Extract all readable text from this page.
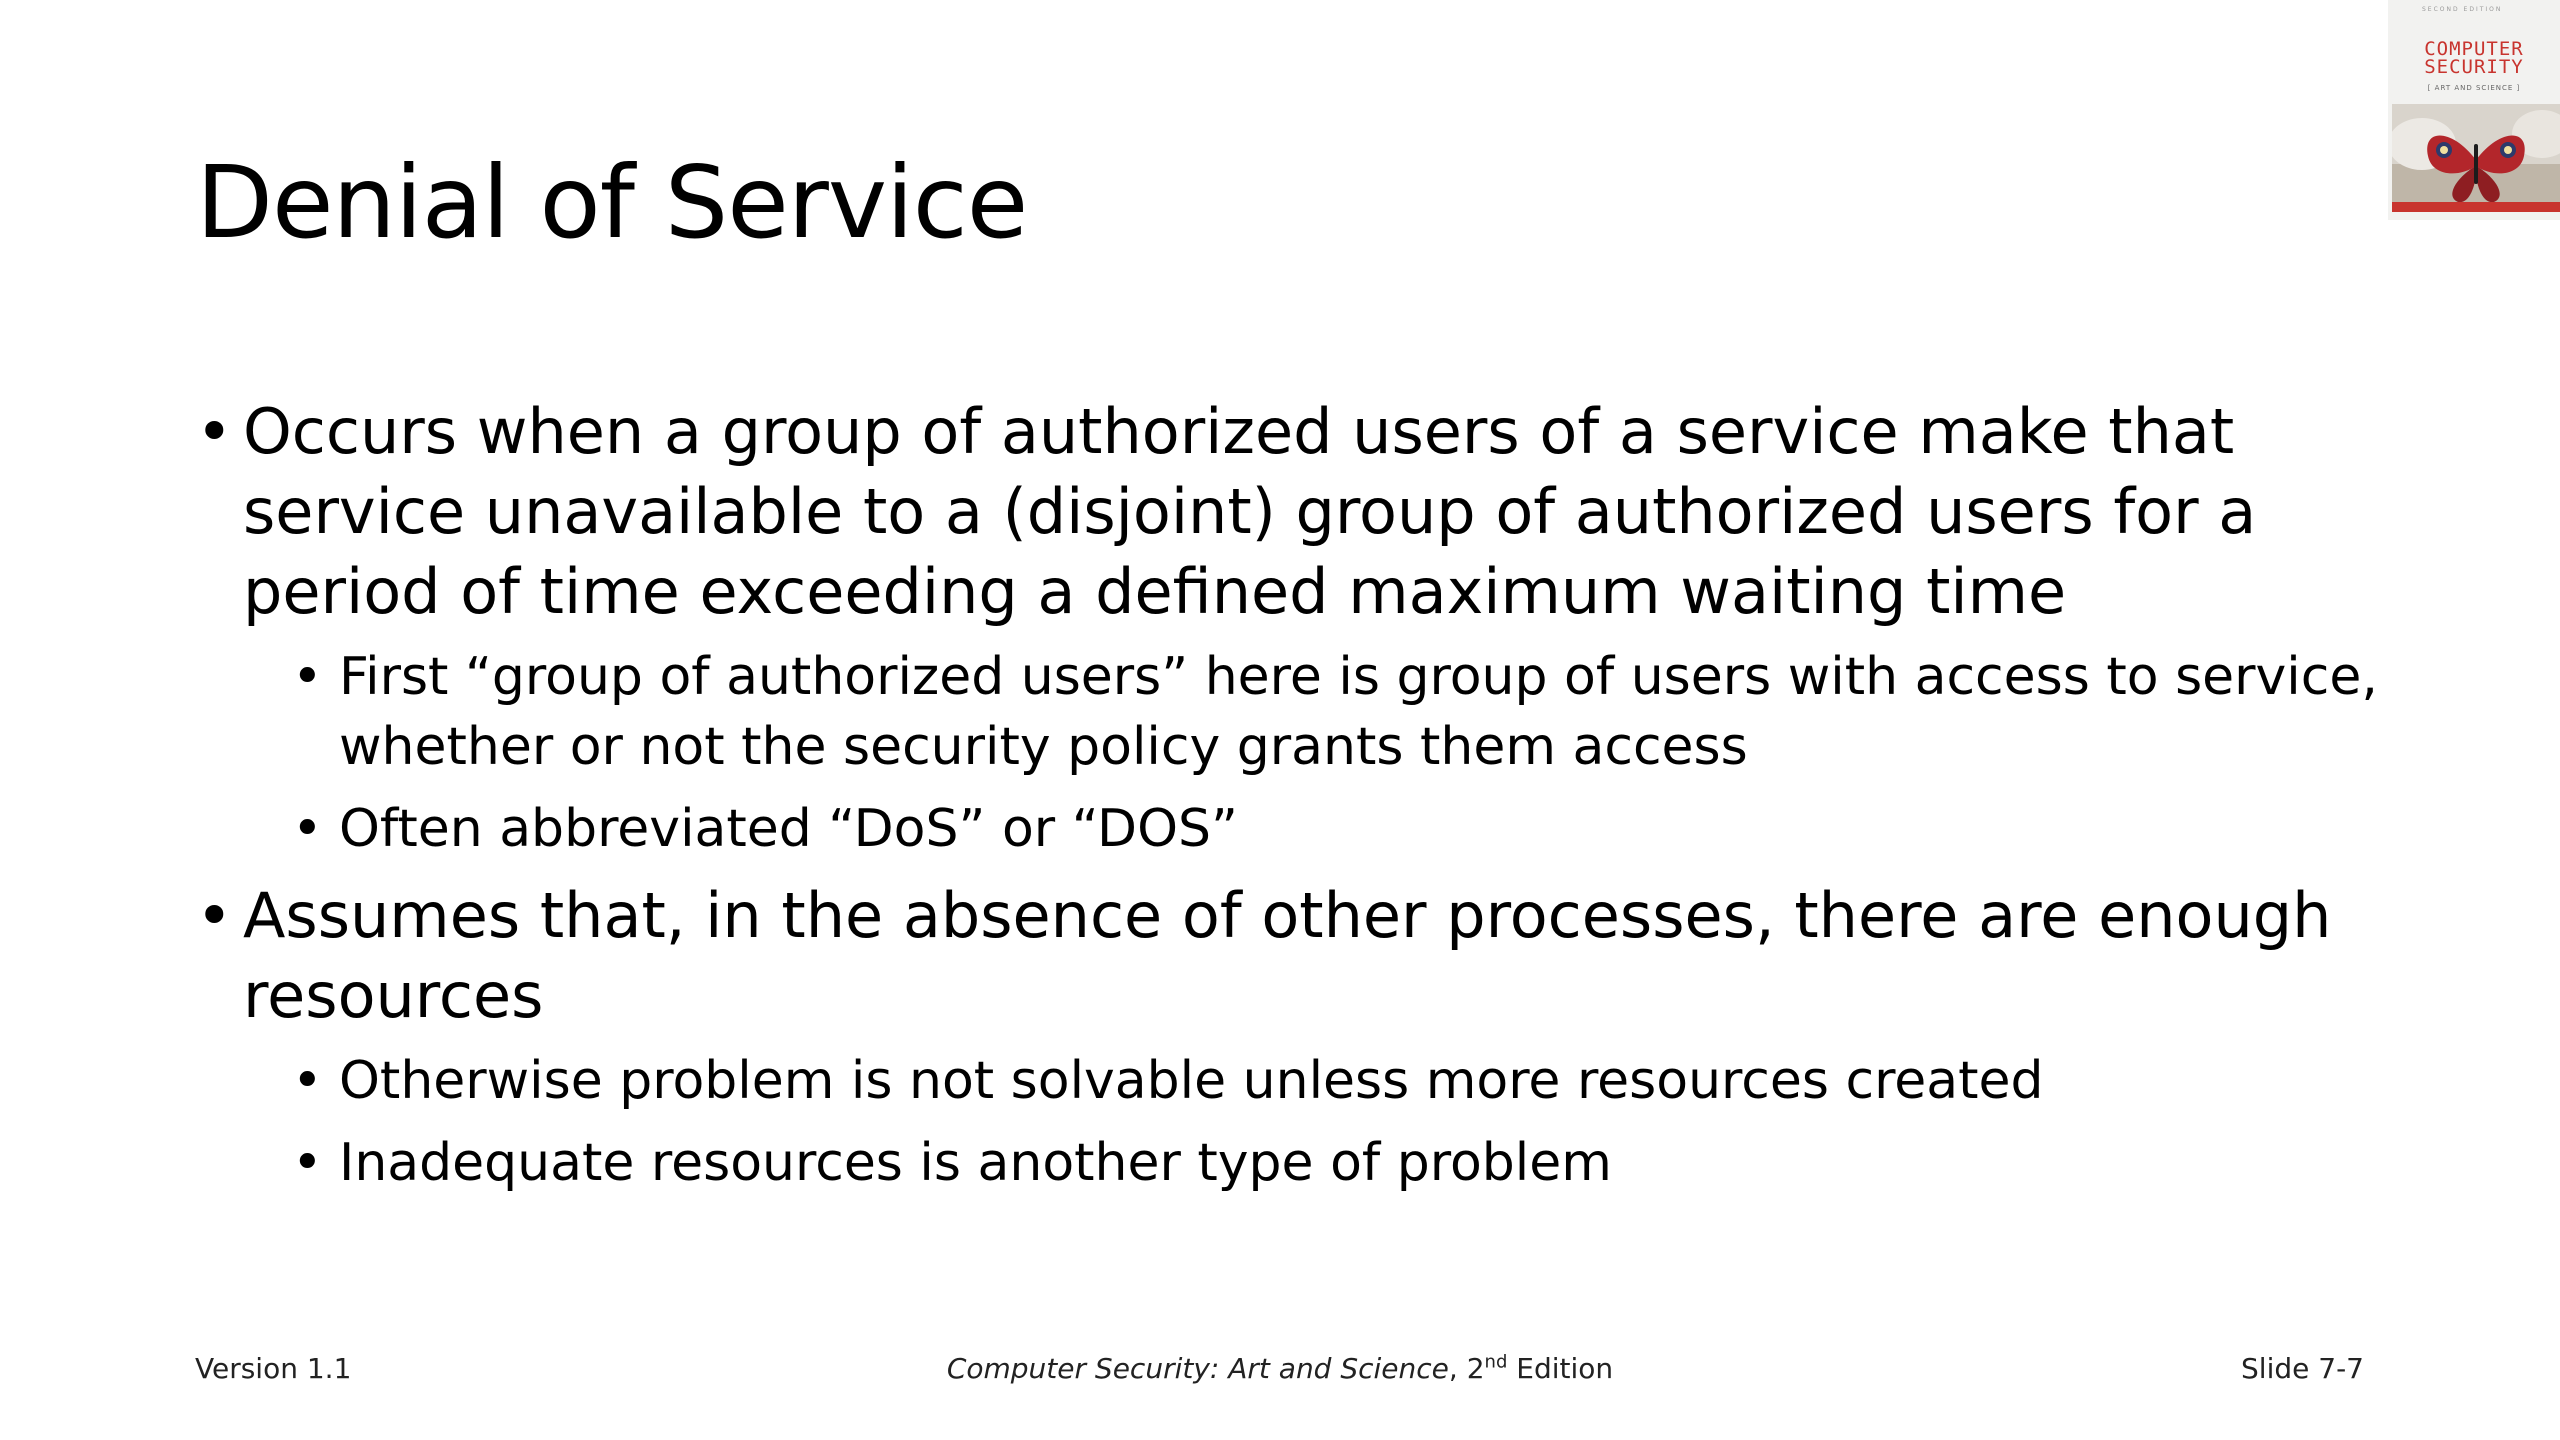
Denial of Service
SECOND EDITION
COMPUTER
SECURITY
[ ART AND SCIENCE ]
• Occurs when a group of authorized users of a service make that service unavailable to a (disjoint) group of authorized users for a period of time exceeding a defined maximum waiting time
• First “group of authorized users” here is group of users with access to service, whether or not the security policy grants them access
• Often abbreviated “DoS” or “DOS”
• Assumes that, in the absence of other processes, there are enough resources
• Otherwise problem is not solvable unless more resources created
• Inadequate resources is another type of problem
Version 1.1	Computer Security: Art and Science, 2nd Edition	Slide 7-7
